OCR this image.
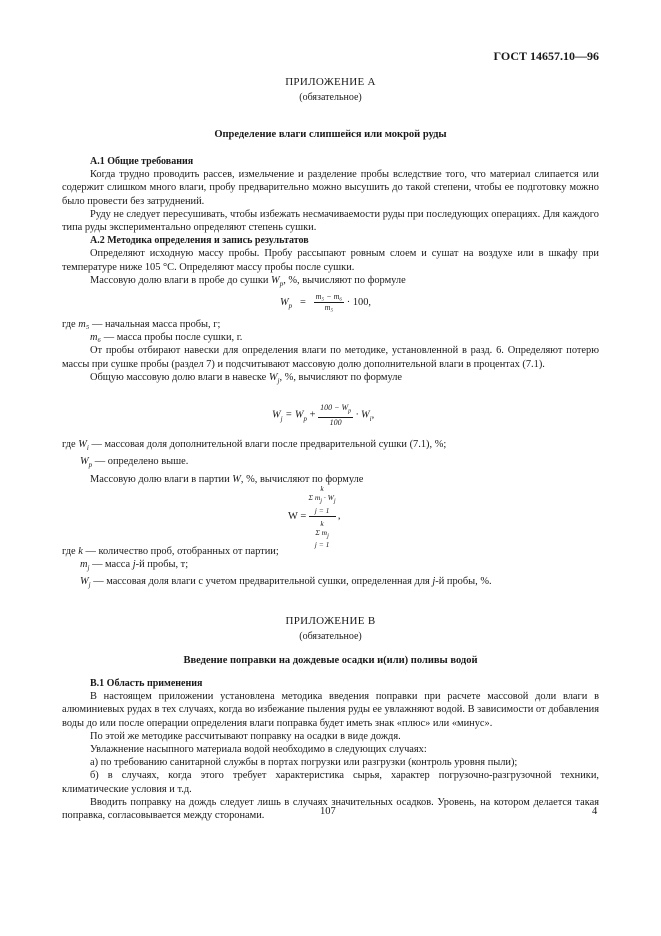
ГОСТ 14657.10—96
ПРИЛОЖЕНИЕ А
(обязательное)
Определение влаги слипшейся или мокрой руды

А.1 Общие требования

Когда трудно проводить рассев, измельчение и разделение пробы вследствие того, что материал слипается или содержит слишком много влаги, пробу предварительно можно высушить до такой степени, чтобы ее подготовку можно было провести без затруднений.

Руду не следует пересушивать, чтобы избежать несмачиваемости руды при последующих операциях. Для каждого типа руды экспериментально определяют степень сушки.

А.2 Методика определения и запись результатов

Определяют исходную массу пробы. Пробу рассыпают ровным слоем и сушат на воздухе или в шкафу при температуре ниже 105 °С. Определяют массу пробы после сушки.

Массовую долю влаги в пробе до сушки $W_p$, %, вычисляют по формуле

$W_p = \frac{\text{m₅ − m₆}}{\text{m₅}} \cdot 100$,

где m₅ — начальная масса пробы, г;

m₆ — масса пробы после сушки, г.

От пробы отбирают навески для определения влаги по методике, установленной в разд. 6. Определяют потерю массы при сушке пробы (раздел 7) и подсчитывают массовую долю дополнительной влаги в процентах (7.1).

Общую массовую долю влаги в навеске $W_j$, %, вычисляют по формуле

$W_j = W_p + \frac{100 - W_p}{100} \cdot W_i$,

где $W_i$ — массовая доля дополнительной влаги после предварительной сушки (7.1), %;

$W_p$ — определено выше.

Массовую долю влаги в партии W, %, вычисляют по формуле

W =
k
Σ $m_j \cdot W_j$
j = 1
k
Σ $m_j$
j = 1
,

где k — количество проб, отобранных от партии;

$m_j$ — масса j-й пробы, т;

$W_j$ — массовая доля влаги с учетом предварительной сушки, определенная для j-й пробы, %.

ПРИЛОЖЕНИЕ В
(обязательное)
Введение поправки на дождевые осадки и(или) поливы водой

В.1 Область применения

В настоящем приложении установлена методика введения поправки при расчете массовой доли влаги в алюминиевых рудах в тех случаях, когда во избежание пыления руды ее увлажняют водой. В зависимости от добавления воды до или после операции определения влаги поправка будет иметь знак «плюс» или «минус».

По этой же методике рассчитывают поправку на осадки в виде дождя.

Увлажнение насыпного материала водой необходимо в следующих случаях:

а) по требованию санитарной службы в портах погрузки или разгрузки (контроль уровня пыли);

б) в случаях, когда этого требует характеристика сырья, характер погрузочно-разгрузочной техники, климатические условия и т.д.

Вводить поправку на дождь следует лишь в случаях значительных осадков. Уровень, на котором делается такая поправка, согласовывается между сторонами.	107	4
